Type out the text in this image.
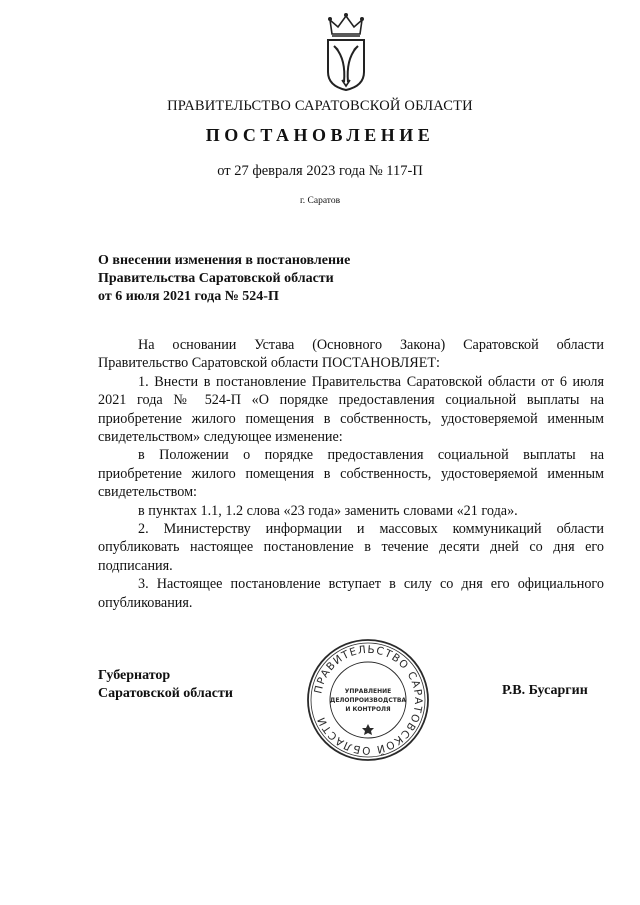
ПРАВИТЕЛЬСТВО САРАТОВСКОЙ ОБЛАСТИ
ПОСТАНОВЛЕНИЕ
от 27 февраля 2023 года № 117-П
г. Саратов
О внесении изменения в постановление
Правительства Саратовской области
от 6 июля 2021 года № 524-П

На основании Устава (Основного Закона) Саратовской области Правительство Саратовской области ПОСТАНОВЛЯЕТ:

1. Внести в постановление Правительства Саратовской области от 6 июля 2021 года № 524-П «О порядке предоставления социальной выплаты на приобретение жилого помещения в собственность, удостоверяемой именным свидетельством» следующее изменение:

в Положении о порядке предоставления социальной выплаты на приобретение жилого помещения в собственность, удостоверяемой именным свидетельством:

в пунктах 1.1, 1.2 слова «23 года» заменить словами «21 года».

2. Министерству информации и массовых коммуникаций области опубликовать настоящее постановление в течение десяти дней со дня его подписания.

3. Настоящее постановление вступает в силу со дня его официального опубликования.

Губернатор
Саратовской области	ПРАВИТЕЛЬСТВО САРАТОВСКОЙ ОБЛАСТИ
УПРАВЛЕНИЕ
ДЕЛОПРОИЗВОДСТВА
И КОНТРОЛЯ
Р.В. Бусаргин
